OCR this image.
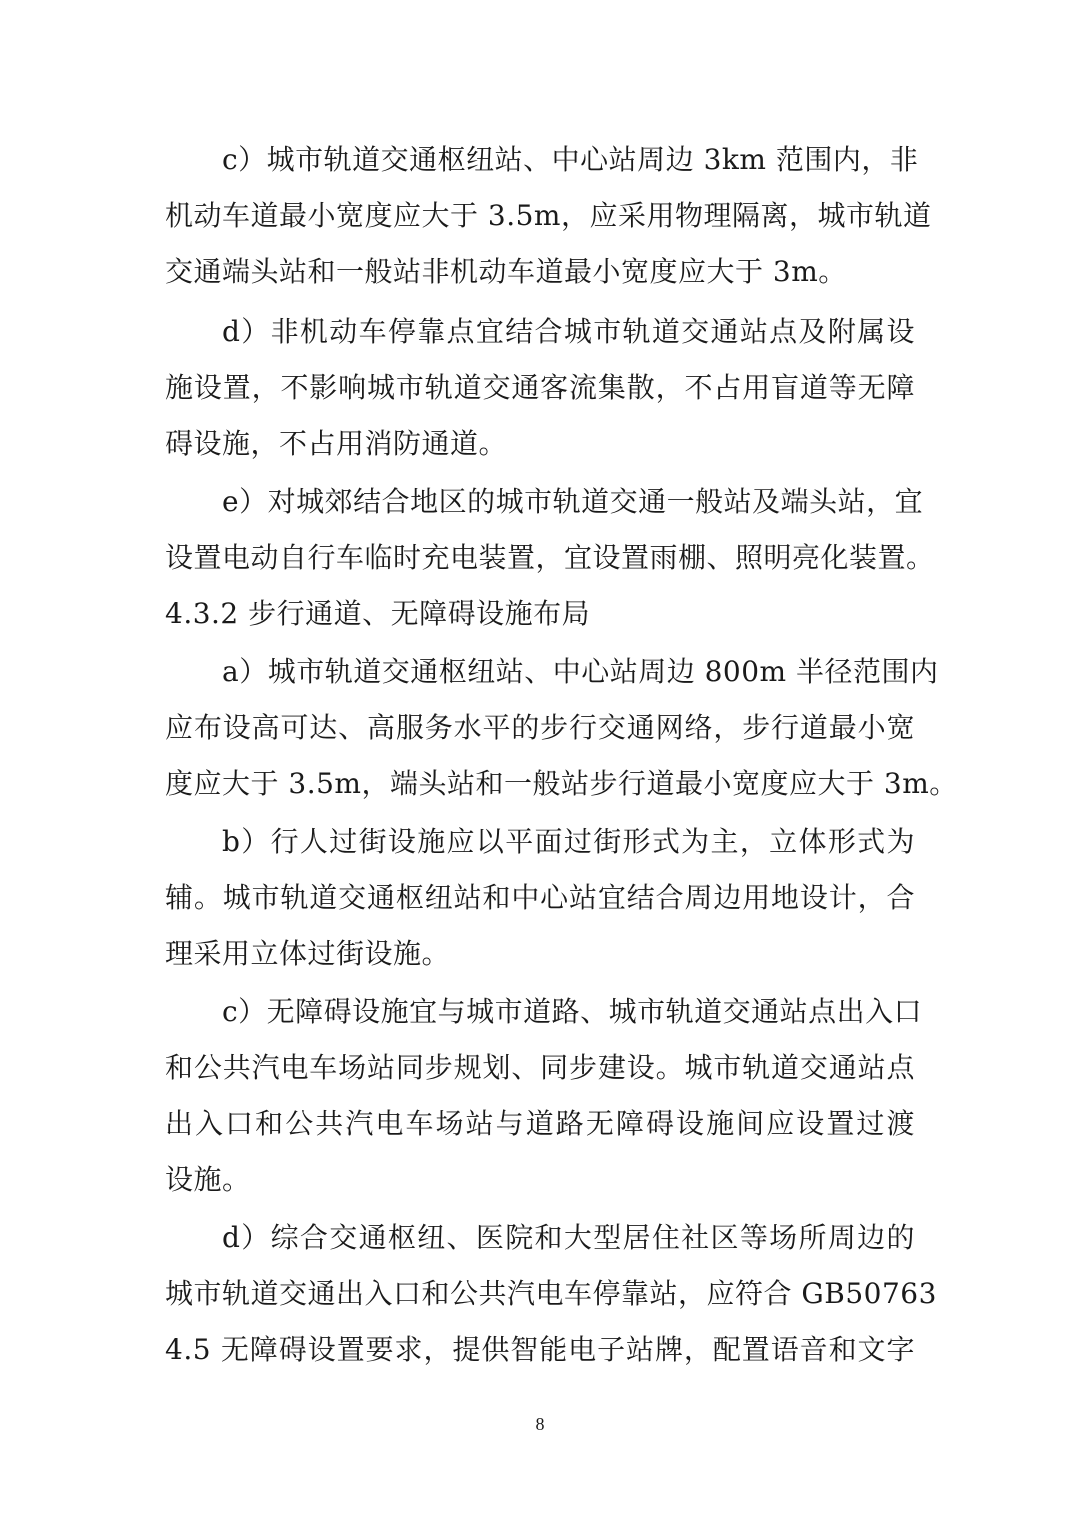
c）城市轨道交通枢纽站、中心站周边 3km 范围内，非
机动车道最小宽度应大于 3.5m，应采用物理隔离，城市轨道
交通端头站和一般站非机动车道最小宽度应大于 3m。
d）非机动车停靠点宜结合城市轨道交通站点及附属设
施设置，不影响城市轨道交通客流集散，不占用盲道等无障
碍设施，不占用消防通道。
e）对城郊结合地区的城市轨道交通一般站及端头站，宜
设置电动自行车临时充电装置，宜设置雨棚、照明亮化装置。
4.3.2 步行通道、无障碍设施布局
a）城市轨道交通枢纽站、中心站周边 800m 半径范围内
应布设高可达、高服务水平的步行交通网络，步行道最小宽
度应大于 3.5m，端头站和一般站步行道最小宽度应大于 3m。
b）行人过街设施应以平面过街形式为主，立体形式为
辅。城市轨道交通枢纽站和中心站宜结合周边用地设计，合
理采用立体过街设施。
c）无障碍设施宜与城市道路、城市轨道交通站点出入口
和公共汽电车场站同步规划、同步建设。城市轨道交通站点
出入口和公共汽电车场站与道路无障碍设施间应设置过渡
设施。
d）综合交通枢纽、医院和大型居住社区等场所周边的
城市轨道交通出入口和公共汽电车停靠站，应符合 GB50763
4.5 无障碍设置要求，提供智能电子站牌，配置语音和文字
8
